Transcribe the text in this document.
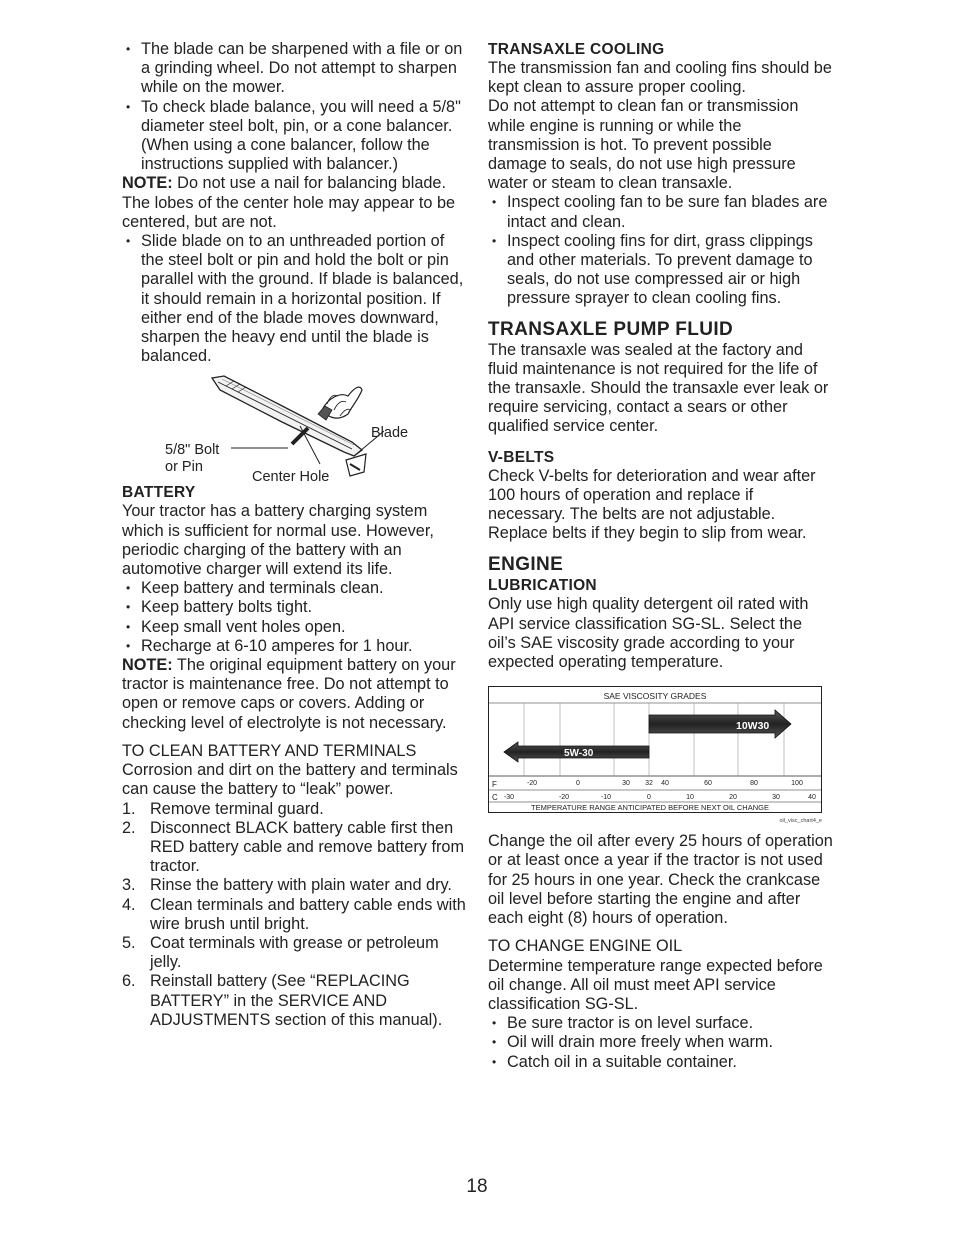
• The blade can be sharpened with a file or on a grinding wheel. Do not attempt to sharpen while on the mower.

• To check blade balance, you will need a 5/8" diameter steel bolt, pin, or a cone balancer. (When using a cone balancer, follow the instructions supplied with balancer.)

NOTE: Do not use a nail for balancing blade. The lobes of the center hole may appear to be centered, but are not.

• Slide blade on to an unthreaded portion of the steel bolt or pin and hold the bolt or pin parallel with the ground. If blade is balanced, it should remain in a horizontal position. If either end of the blade moves downward, sharpen the heavy end until the blade is balanced.

Blade
5/8" Bolt
or Pin
Center Hole

BATTERY

Your tractor has a battery charging system which is sufficient for normal use. However, periodic charging of the battery with an automotive charger will extend its life.

• Keep battery and terminals clean.

• Keep battery bolts tight.

• Keep small vent holes open.

• Recharge at 6-10 amperes for 1 hour.

NOTE: The original equipment battery on your tractor is maintenance free. Do not attempt to open or remove caps or covers. Adding or checking level of electrolyte is not necessary.

TO CLEAN BATTERY AND TERMINALS

Corrosion and dirt on the battery and terminals can cause the battery to “leak” power.

1. Remove terminal guard.

2. Disconnect BLACK battery cable first then RED battery cable and remove battery from tractor.

3. Rinse the battery with plain water and dry.

4. Clean terminals and battery cable ends with wire brush until bright.

5. Coat terminals with grease or petroleum jelly.

6. Reinstall battery (See “REPLACING BATTERY” in the SERVICE AND ADJUSTMENTS section of this manual).

TRANSAXLE COOLING

The transmission fan and cooling fins should be kept clean to assure proper cooling.

Do not attempt to clean fan or transmission while engine is running or while the transmission is hot. To prevent possible damage to seals, do not use high pressure water or steam to clean transaxle.

• Inspect cooling fan to be sure fan blades are intact and clean.

• Inspect cooling fins for dirt, grass clippings and other materials. To prevent damage to seals, do not use compressed air or high pressure sprayer to clean cooling fins.

TRANSAXLE PUMP FLUID

The transaxle was sealed at the factory and fluid maintenance is not required for the life of the transaxle. Should the transaxle ever leak or require servicing, contact a sears or other qualified service center.

V-BELTS

Check V-belts for deterioration and wear after 100 hours of operation and replace if necessary. The belts are not adjustable. Replace belts if they begin to slip from wear.

ENGINE

LUBRICATION

Only use high quality detergent oil rated with API service classification SG-SL. Select the oil’s SAE viscosity grade according to your expected operating temperature.

SAE VISCOSITY GRADES
10W30
5W-30
F	-20	0	30 32 40	60	80	100
C -30	-20	-10	0	10	20	30	40
TEMPERATURE RANGE ANTICIPATED BEFORE NEXT OIL CHANGE
oil_visc_chart4_e

Change the oil after every 25 hours of operation or at least once a year if the tractor is not used for 25 hours in one year. Check the crankcase oil level before starting the engine and after each eight (8) hours of operation.

TO CHANGE ENGINE OIL

Determine temperature range expected before oil change. All oil must meet API service classification SG-SL.

• Be sure tractor is on level surface.

• Oil will drain more freely when warm.

• Catch oil in a suitable container.

18
